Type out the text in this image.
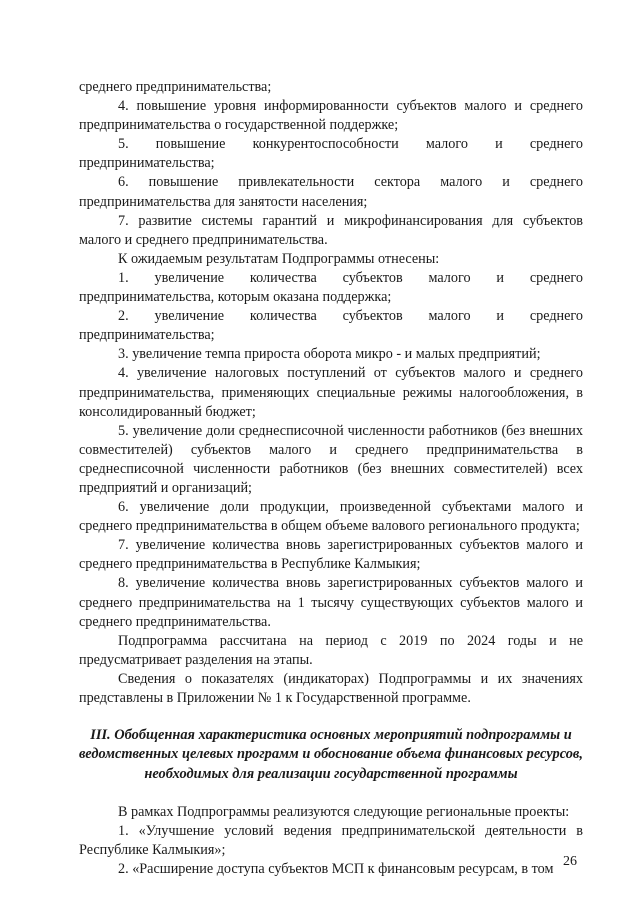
среднего предпринимательства;

4. повышение уровня информированности субъектов малого и среднего предпринимательства о государственной поддержке;

5. повышение конкурентоспособности малого и среднего предпринимательства;

6. повышение привлекательности сектора малого и среднего предпринимательства для занятости населения;

7. развитие системы гарантий и микрофинансирования для субъектов малого и среднего предпринимательства.

К ожидаемым результатам Подпрограммы отнесены:

1. увеличение количества субъектов малого и среднего предпринимательства, которым оказана поддержка;

2. увеличение количества субъектов малого и среднего предпринимательства;

3. увеличение темпа прироста оборота микро - и малых предприятий;

4. увеличение налоговых поступлений от субъектов малого и среднего предпринимательства, применяющих специальные режимы налогообложения, в консолидированный бюджет;

5. увеличение доли среднесписочной численности работников (без внешних совместителей) субъектов малого и среднего предпринимательства в среднесписочной численности работников (без внешних совместителей) всех предприятий и организаций;

6. увеличение доли продукции, произведенной субъектами малого и среднего предпринимательства в общем объеме валового регионального продукта;

7. увеличение количества вновь зарегистрированных субъектов малого и среднего предпринимательства в Республике Калмыкия;

8. увеличение количества вновь зарегистрированных субъектов малого и среднего предпринимательства на 1 тысячу существующих субъектов малого и среднего предпринимательства.

Подпрограмма рассчитана на период с 2019 по 2024 годы и не предусматривает разделения на этапы.

Сведения о показателях (индикаторах) Подпрограммы и их значениях представлены в Приложении № 1 к Государственной программе.

III. Обобщенная характеристика основных мероприятий подпрограммы и ведомственных целевых программ и обоснование объема финансовых ресурсов, необходимых для реализации государственной программы

В рамках Подпрограммы реализуются следующие региональные проекты:

1. «Улучшение условий ведения предпринимательской деятельности в Республике Калмыкия»;

2. «Расширение доступа субъектов МСП к финансовым ресурсам, в том 26
